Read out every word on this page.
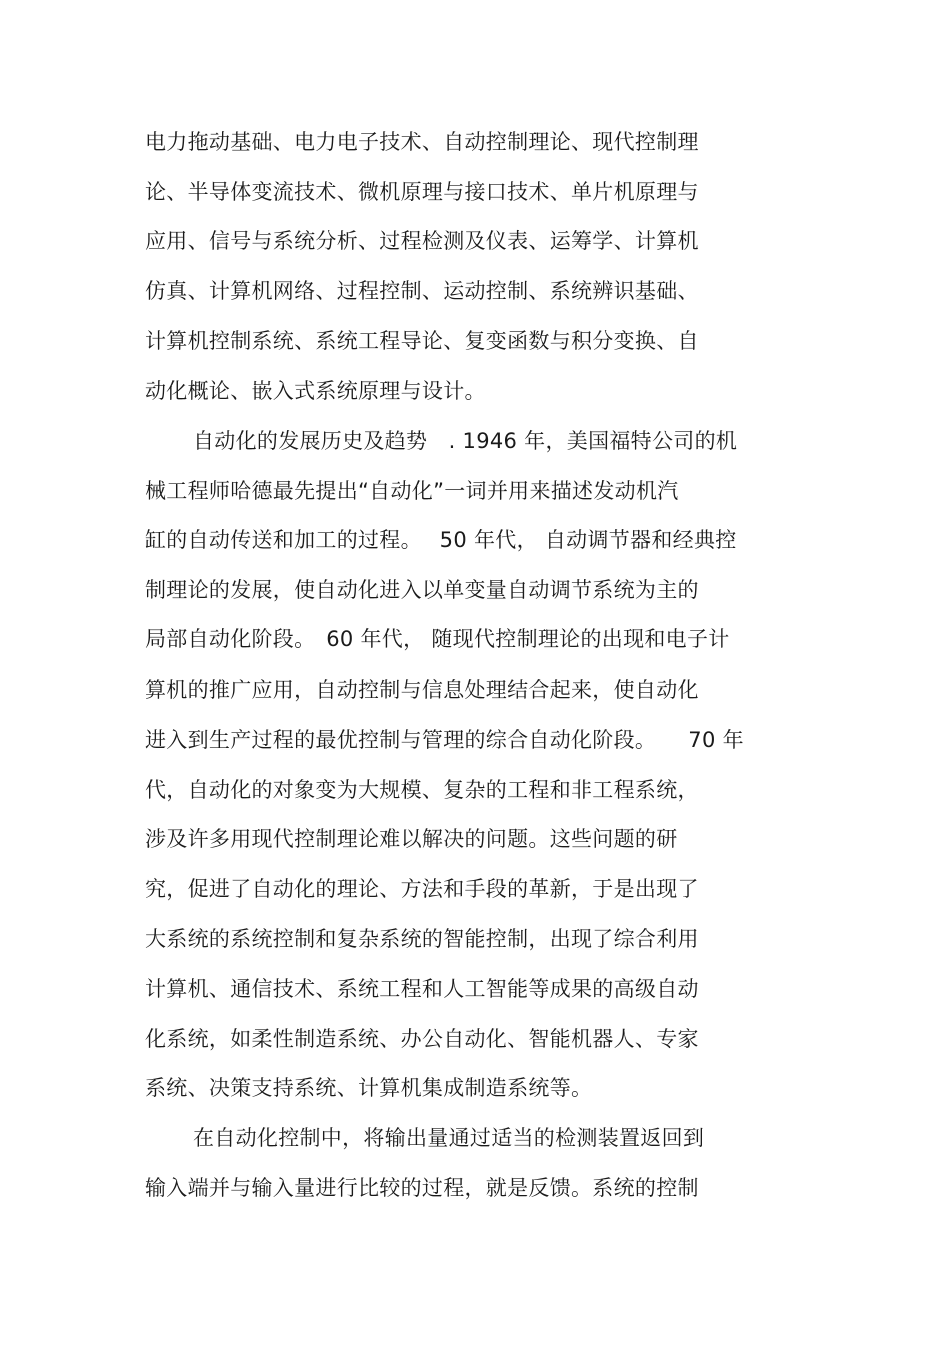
电力拖动基础、电力电子技术、自动控制理论、现代控制理
论、半导体变流技术、微机原理与接口技术、单片机原理与
应用、信号与系统分析、过程检测及仪表、运筹学、计算机
仿真、计算机网络、过程控制、运动控制、系统辨识基础、
计算机控制系统、系统工程导论、复变函数与积分变换、自
动化概论、嵌入式系统原理与设计。
自动化的发展历史及趋势　. 1946 年，美国福特公司的机
械工程师哈德最先提出“自动化”一词并用来描述发动机汽
缸的自动传送和加工的过程。　 50 年代， 自动调节器和经典控
制理论的发展，使自动化进入以单变量自动调节系统为主的
局部自动化阶段。　60 年代， 随现代控制理论的出现和电子计
算机的推广应用，自动控制与信息处理结合起来，使自动化
进入到生产过程的最优控制与管理的综合自动化阶段。　　70 年
代，自动化的对象变为大规模、复杂的工程和非工程系统，
涉及许多用现代控制理论难以解决的问题。这些问题的研
究，促进了自动化的理论、方法和手段的革新，于是出现了
大系统的系统控制和复杂系统的智能控制，出现了综合利用
计算机、通信技术、系统工程和人工智能等成果的高级自动
化系统，如柔性制造系统、办公自动化、智能机器人、专家
系统、决策支持系统、计算机集成制造系统等。
在自动化控制中，将输出量通过适当的检测装置返回到
输入端并与输入量进行比较的过程，就是反馈。系统的控制
